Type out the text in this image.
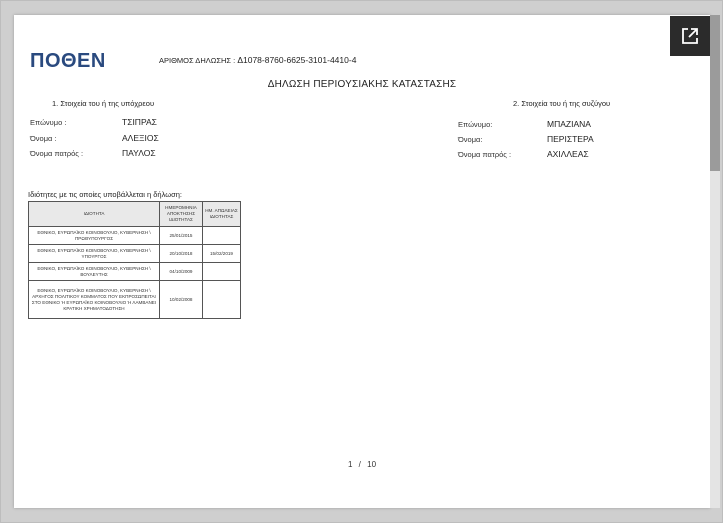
ΠΟΘΕΝ	ΑΡΙΘΜΟΣ ΔΗΛΩΣΗΣ : Δ1078-8760-6625-3101-4410-4
ΔΗΛΩΣΗ ΠΕΡΙΟΥΣΙΑΚΗΣ ΚΑΤΑΣΤΑΣΗΣ
1. Στοιχεία του ή της υπόχρεου
Επώνυμο :	ΤΣΙΠΡΑΣ
Όνομα :	ΑΛΕΞΙΟΣ
Όνομα πατρός :	ΠΑΥΛΟΣ
2. Στοιχεία του ή της συζύγου
Επώνυμο:	ΜΠΑΖΙΑΝΑ
Όνομα:	ΠΕΡΙΣΤΕΡΑ
Όνομα πατρός :	ΑΧΙΛΛΕΑΣ
Ιδιότητες με τις οποίες υποβάλλεται η δήλωση:
ΙΔΙΟΤΗΤΑ	ΗΜΕΡΟΜΗΝΙΑ ΑΠΟΚΤΗΣΗΣ ΙΔΙΟΤΗΤΑΣ	ΗΜ. ΑΠΩΛΕΙΑΣ ΙΔΙΟΤΗΤΑΣ
ΕΘΝΙΚΟ, ΕΥΡΩΠΑΪΚΟ ΚΟΙΝΟΒΟΥΛΙΟ, ΚΥΒΕΡΝΗΣΗ \ ΠΡΩΘΥΠΟΥΡΓΟΣ	25/01/2015	
ΕΘΝΙΚΟ, ΕΥΡΩΠΑΪΚΟ ΚΟΙΝΟΒΟΥΛΙΟ, ΚΥΒΕΡΝΗΣΗ \ ΥΠΟΥΡΓΟΣ	20/10/2018	15/02/2019
ΕΘΝΙΚΟ, ΕΥΡΩΠΑΪΚΟ ΚΟΙΝΟΒΟΥΛΙΟ, ΚΥΒΕΡΝΗΣΗ \ ΒΟΥΛΕΥΤΗΣ	04/10/2009	
ΕΘΝΙΚΟ, ΕΥΡΩΠΑΪΚΟ ΚΟΙΝΟΒΟΥΛΙΟ, ΚΥΒΕΡΝΗΣΗ \ ΑΡΧΗΓΟΣ ΠΟΛΙΤΙΚΟΥ ΚΟΜΜΑΤΟΣ ΠΟΥ ΕΚΠΡΟΣΩΠΕΙΤΑΙ ΣΤΟ ΕΘΝΙΚΟ Ή ΕΥΡΩΠΑΪΚΟ ΚΟΙΝΟΒΟΥΛΙΟ Ή ΛΑΜΒΑΝΕΙ ΚΡΑΤΙΚΗ ΧΡΗΜΑΤΟΔΟΤΗΣΗ	10/02/2008	
1 / 10
